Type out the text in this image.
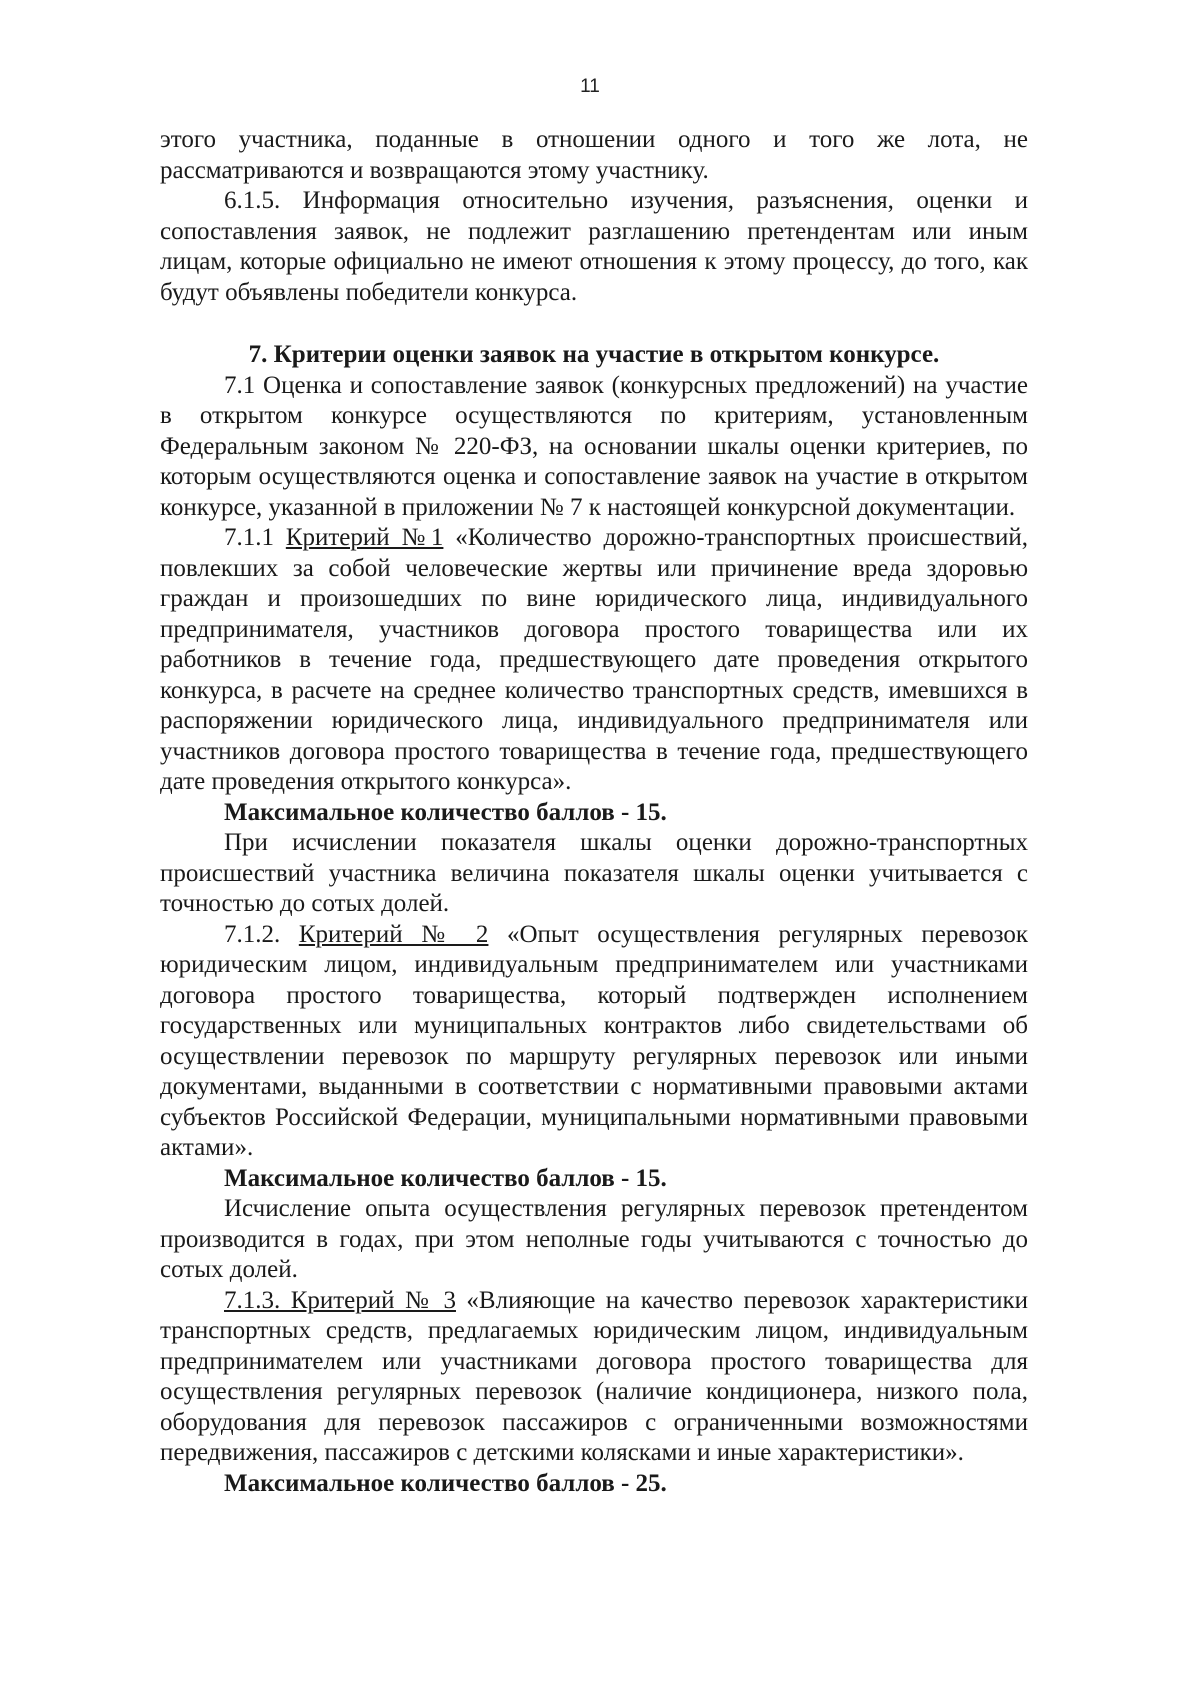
11

этого участника, поданные в отношении одного и того же лота, не рассматриваются и возвращаются этому участнику.

6.1.5. Информация относительно изучения, разъяснения, оценки и сопоставления заявок, не подлежит разглашению претендентам или иным лицам, которые официально не имеют отношения к этому процессу, до того, как будут объявлены победители конкурса.

7. Критерии оценки заявок на участие в открытом конкурсе.

7.1 Оценка и сопоставление заявок (конкурсных предложений) на участие в открытом конкурсе осуществляются по критериям, установленным Федеральным законом № 220-ФЗ, на основании шкалы оценки критериев, по которым осуществляются оценка и сопоставление заявок на участие в открытом конкурсе, указанной в приложении № 7 к настоящей конкурсной документации.

7.1.1 Критерий №1 «Количество дорожно-транспортных происшествий, повлекших за собой человеческие жертвы или причинение вреда здоровью граждан и произошедших по вине юридического лица, индивидуального предпринимателя, участников договора простого товарищества или их работников в течение года, предшествующего дате проведения открытого конкурса, в расчете на среднее количество транспортных средств, имевшихся в распоряжении юридического лица, индивидуального предпринимателя или участников договора простого товарищества в течение года, предшествующего дате проведения открытого конкурса».

Максимальное количество баллов - 15.

При исчислении показателя шкалы оценки дорожно-транспортных происшествий участника величина показателя шкалы оценки учитывается с точностью до сотых долей.

7.1.2. Критерий № 2 «Опыт осуществления регулярных перевозок юридическим лицом, индивидуальным предпринимателем или участниками договора простого товарищества, который подтвержден исполнением государственных или муниципальных контрактов либо свидетельствами об осуществлении перевозок по маршруту регулярных перевозок или иными документами, выданными в соответствии с нормативными правовыми актами субъектов Российской Федерации, муниципальными нормативными правовыми актами».

Максимальное количество баллов - 15.

Исчисление опыта осуществления регулярных перевозок претендентом производится в годах, при этом неполные годы учитываются с точностью до сотых долей.

7.1.3. Критерий № 3 «Влияющие на качество перевозок характеристики транспортных средств, предлагаемых юридическим лицом, индивидуальным предпринимателем или участниками договора простого товарищества для осуществления регулярных перевозок (наличие кондиционера, низкого пола, оборудования для перевозок пассажиров с ограниченными возможностями передвижения, пассажиров с детскими колясками и иные характеристики».

Максимальное количество баллов - 25.
